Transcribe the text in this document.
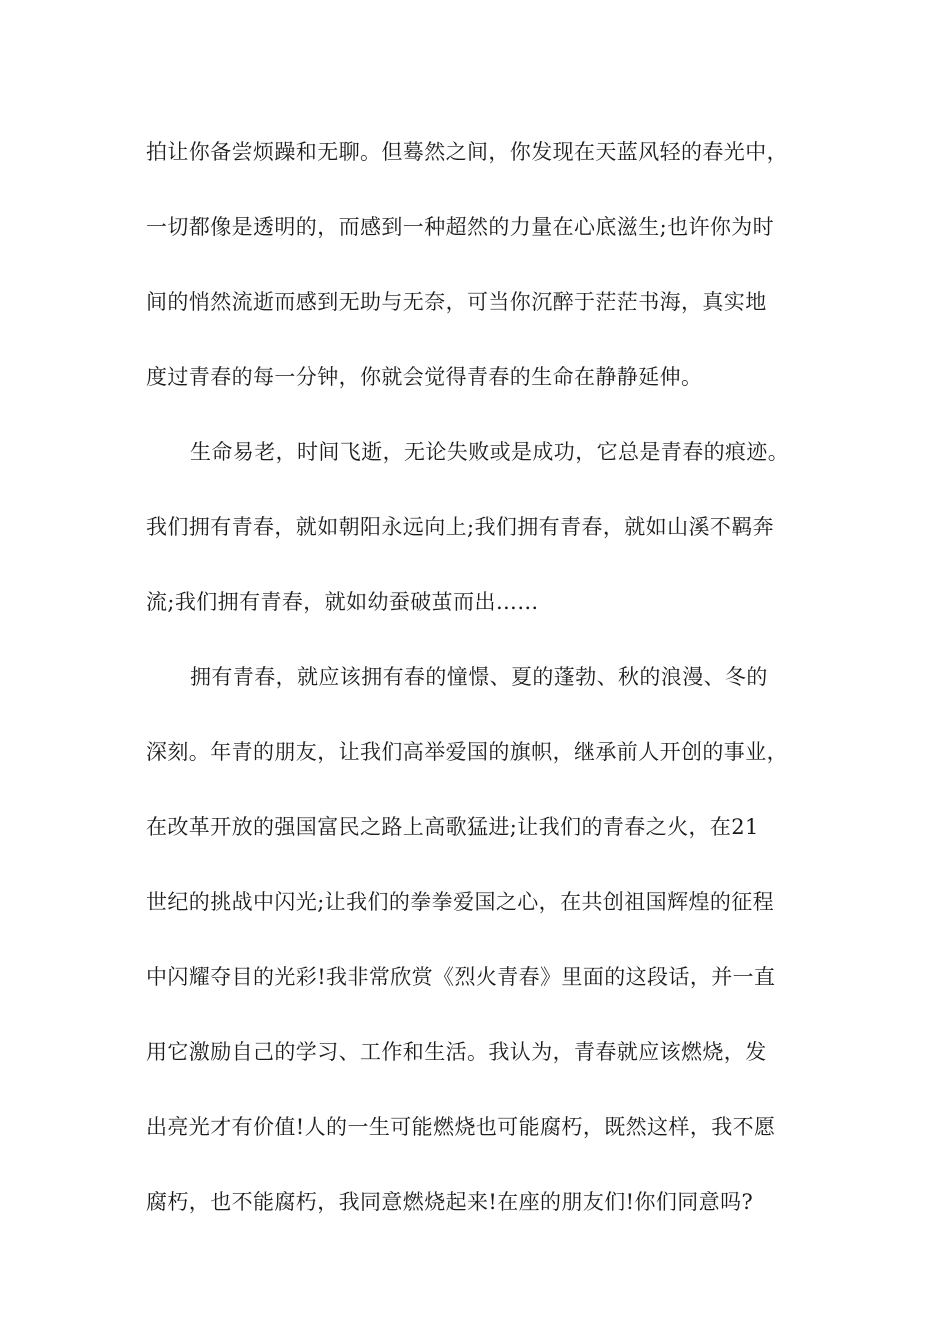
拍让你备尝烦躁和无聊。但蓦然之间，你发现在天蓝风轻的春光中，
一切都像是透明的，而感到一种超然的力量在心底滋生;也许你为时
间的悄然流逝而感到无助与无奈，可当你沉醉于茫茫书海，真实地
度过青春的每一分钟，你就会觉得青春的生命在静静延伸。
生命易老，时间飞逝，无论失败或是成功，它总是青春的痕迹。
我们拥有青春，就如朝阳永远向上;我们拥有青春，就如山溪不羁奔
流;我们拥有青春，就如幼蚕破茧而出……
拥有青春，就应该拥有春的憧憬、夏的蓬勃、秋的浪漫、冬的
深刻。年青的朋友，让我们高举爱国的旗帜，继承前人开创的事业，
在改革开放的强国富民之路上高歌猛进;让我们的青春之火，在21
世纪的挑战中闪光;让我们的拳拳爱国之心，在共创祖国辉煌的征程
中闪耀夺目的光彩!我非常欣赏《烈火青春》里面的这段话，并一直
用它激励自己的学习、工作和生活。我认为，青春就应该燃烧，发
出亮光才有价值!人的一生可能燃烧也可能腐朽，既然这样，我不愿
腐朽，也不能腐朽，我同意燃烧起来!在座的朋友们!你们同意吗?
